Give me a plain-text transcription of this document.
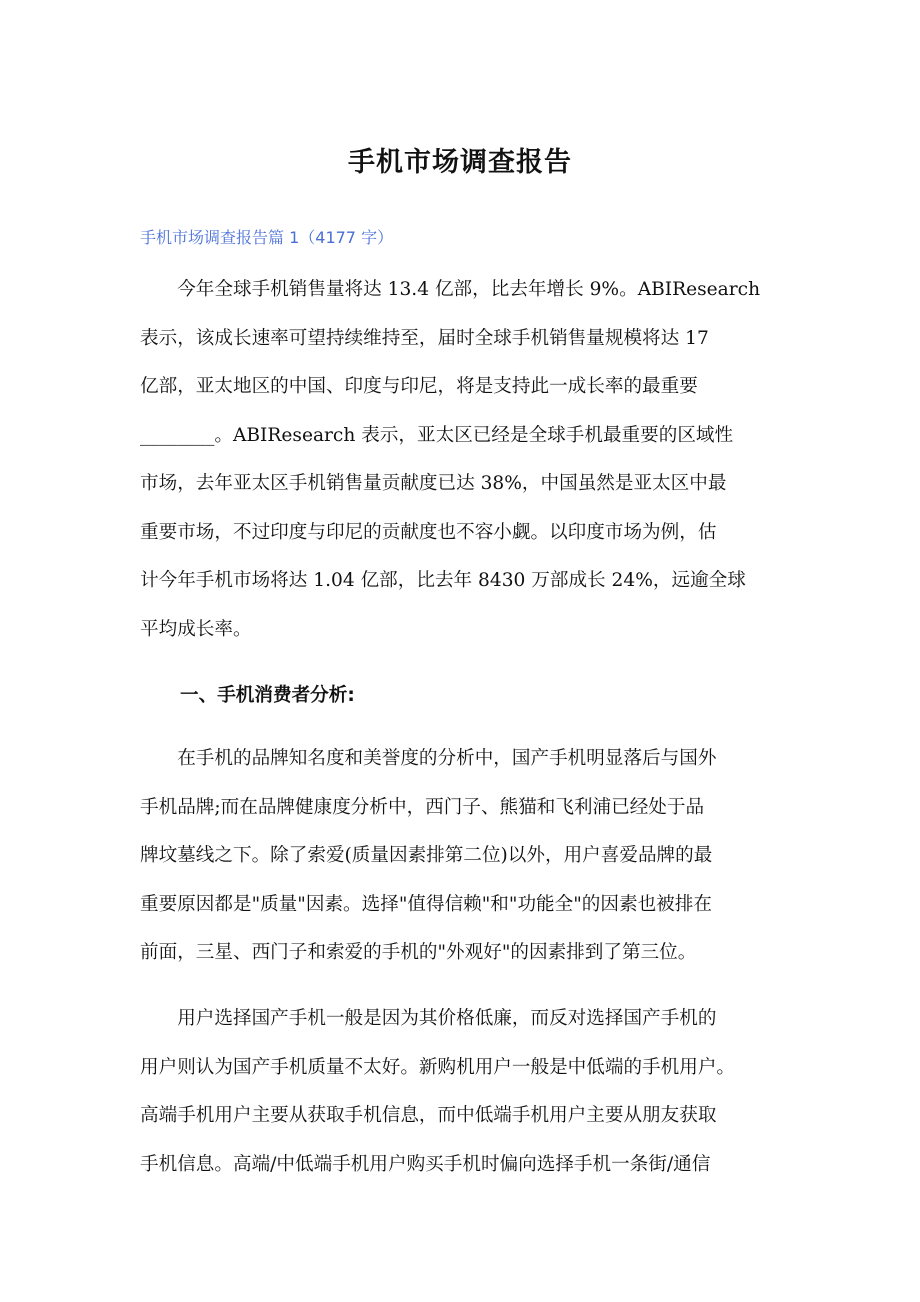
手机市场调查报告

手机市场调查报告篇 1（4177 字）

今年全球手机销售量将达 13.4 亿部，比去年增长 9%。ABIResearch
表示，该成长速率可望持续维持至，届时全球手机销售量规模将达 17
亿部，亚太地区的中国、印度与印尼，将是支持此一成长率的最重要
________。ABIResearch 表示，亚太区已经是全球手机最重要的区域性
市场，去年亚太区手机销售量贡献度已达 38%，中国虽然是亚太区中最
重要市场，不过印度与印尼的贡献度也不容小觑。以印度市场为例，估
计今年手机市场将达 1.04 亿部，比去年 8430 万部成长 24%，远逾全球
平均成长率。
一、手机消费者分析:
在手机的品牌知名度和美誉度的分析中，国产手机明显落后与国外
手机品牌;而在品牌健康度分析中，西门子、熊猫和飞利浦已经处于品
牌坟墓线之下。除了索爱(质量因素排第二位)以外，用户喜爱品牌的最
重要原因都是"质量"因素。选择"值得信赖"和"功能全"的因素也被排在
前面，三星、西门子和索爱的手机的"外观好"的因素排到了第三位。
用户选择国产手机一般是因为其价格低廉，而反对选择国产手机的
用户则认为国产手机质量不太好。新购机用户一般是中低端的手机用户。
高端手机用户主要从获取手机信息，而中低端手机用户主要从朋友获取
手机信息。高端/中低端手机用户购买手机时偏向选择手机一条街/通信
